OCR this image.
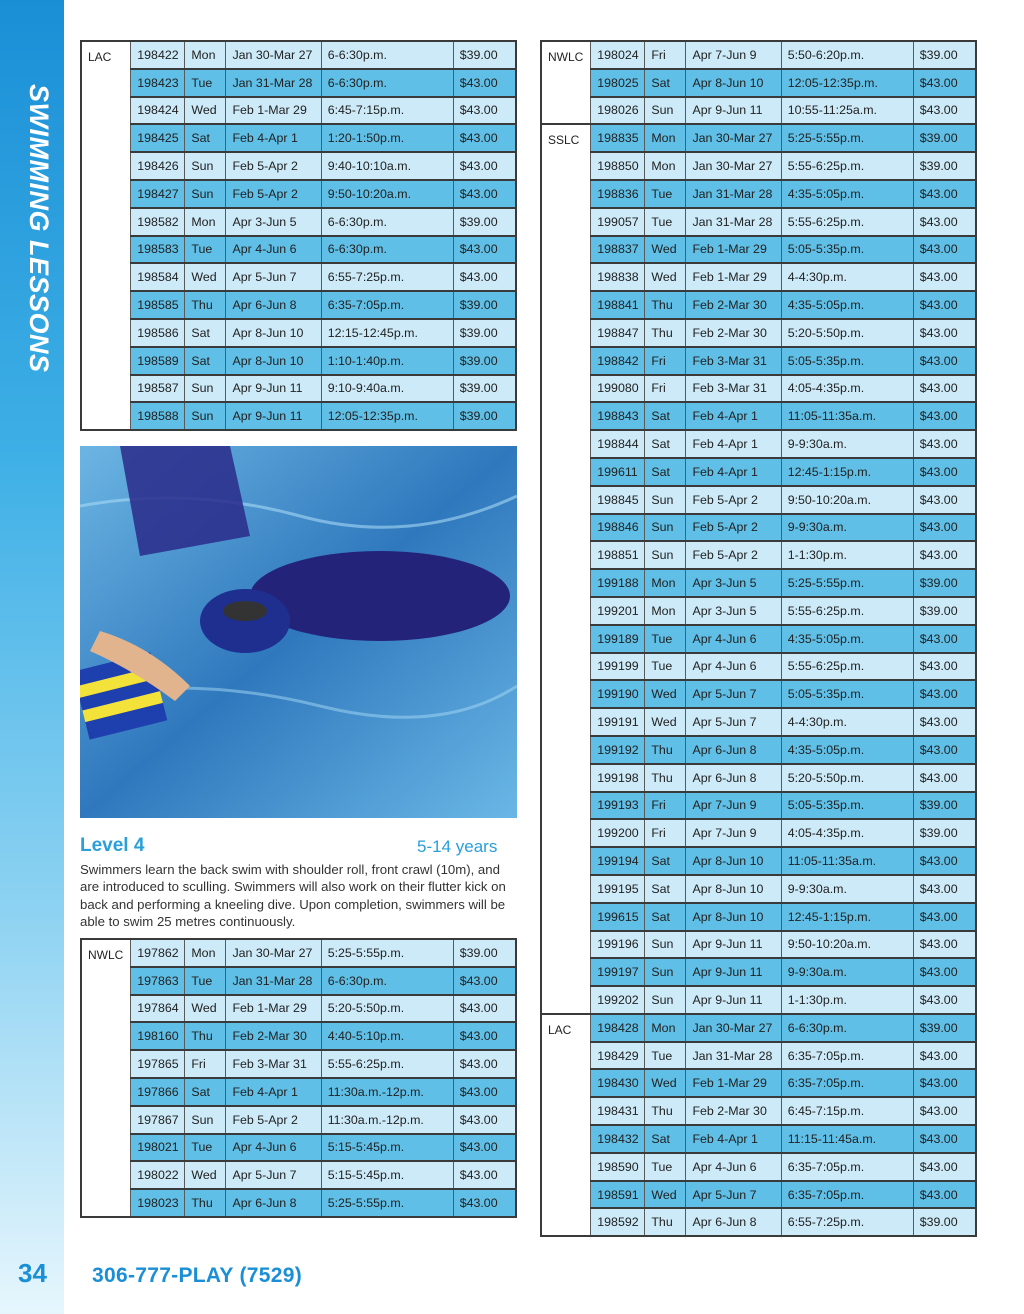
SWIMMING LESSONS
34 306-777-PLAY (7529)
LAC	198422	Mon	Jan 30-Mar 27	6-6:30p.m.	$39.00
	198423	Tue	Jan 31-Mar 28	6-6:30p.m.	$43.00
	198424	Wed	Feb 1-Mar 29	6:45-7:15p.m.	$43.00
	198425	Sat	Feb 4-Apr 1	1:20-1:50p.m.	$43.00
	198426	Sun	Feb 5-Apr 2	9:40-10:10a.m.	$43.00
	198427	Sun	Feb 5-Apr 2	9:50-10:20a.m.	$43.00
	198582	Mon	Apr 3-Jun 5	6-6:30p.m.	$39.00
	198583	Tue	Apr 4-Jun 6	6-6:30p.m.	$43.00
	198584	Wed	Apr 5-Jun 7	6:55-7:25p.m.	$43.00
	198585	Thu	Apr 6-Jun 8	6:35-7:05p.m.	$39.00
	198586	Sat	Apr 8-Jun 10	12:15-12:45p.m.	$39.00
	198589	Sat	Apr 8-Jun 10	1:10-1:40p.m.	$39.00
	198587	Sun	Apr 9-Jun 11	9:10-9:40a.m.	$39.00
	198588	Sun	Apr 9-Jun 11	12:05-12:35p.m.	$39.00
Level 4	5-14 years
Swimmers learn the back swim with shoulder roll, front crawl (10m), and are introduced to sculling. Swimmers will also work on their flutter kick on back and performing a kneeling dive. Upon completion, swimmers will be able to swim 25 metres continuously.
NWLC	197862	Mon	Jan 30-Mar 27	5:25-5:55p.m.	$39.00
	197863	Tue	Jan 31-Mar 28	6-6:30p.m.	$43.00
	197864	Wed	Feb 1-Mar 29	5:20-5:50p.m.	$43.00
	198160	Thu	Feb 2-Mar 30	4:40-5:10p.m.	$43.00
	197865	Fri	Feb 3-Mar 31	5:55-6:25p.m.	$43.00
	197866	Sat	Feb 4-Apr 1	11:30a.m.-12p.m.	$43.00
	197867	Sun	Feb 5-Apr 2	11:30a.m.-12p.m.	$43.00
	198021	Tue	Apr 4-Jun 6	5:15-5:45p.m.	$43.00
	198022	Wed	Apr 5-Jun 7	5:15-5:45p.m.	$43.00
	198023	Thu	Apr 6-Jun 8	5:25-5:55p.m.	$43.00
NWLC	198024	Fri	Apr 7-Jun 9	5:50-6:20p.m.	$39.00
	198025	Sat	Apr 8-Jun 10	12:05-12:35p.m.	$43.00
	198026	Sun	Apr 9-Jun 11	10:55-11:25a.m.	$43.00
SSLC	198835	Mon	Jan 30-Mar 27	5:25-5:55p.m.	$39.00
	198850	Mon	Jan 30-Mar 27	5:55-6:25p.m.	$39.00
	198836	Tue	Jan 31-Mar 28	4:35-5:05p.m.	$43.00
	199057	Tue	Jan 31-Mar 28	5:55-6:25p.m.	$43.00
	198837	Wed	Feb 1-Mar 29	5:05-5:35p.m.	$43.00
	198838	Wed	Feb 1-Mar 29	4-4:30p.m.	$43.00
	198841	Thu	Feb 2-Mar 30	4:35-5:05p.m.	$43.00
	198847	Thu	Feb 2-Mar 30	5:20-5:50p.m.	$43.00
	198842	Fri	Feb 3-Mar 31	5:05-5:35p.m.	$43.00
	199080	Fri	Feb 3-Mar 31	4:05-4:35p.m.	$43.00
	198843	Sat	Feb 4-Apr 1	11:05-11:35a.m.	$43.00
	198844	Sat	Feb 4-Apr 1	9-9:30a.m.	$43.00
	199611	Sat	Feb 4-Apr 1	12:45-1:15p.m.	$43.00
	198845	Sun	Feb 5-Apr 2	9:50-10:20a.m.	$43.00
	198846	Sun	Feb 5-Apr 2	9-9:30a.m.	$43.00
	198851	Sun	Feb 5-Apr 2	1-1:30p.m.	$43.00
	199188	Mon	Apr 3-Jun 5	5:25-5:55p.m.	$39.00
	199201	Mon	Apr 3-Jun 5	5:55-6:25p.m.	$39.00
	199189	Tue	Apr 4-Jun 6	4:35-5:05p.m.	$43.00
	199199	Tue	Apr 4-Jun 6	5:55-6:25p.m.	$43.00
	199190	Wed	Apr 5-Jun 7	5:05-5:35p.m.	$43.00
	199191	Wed	Apr 5-Jun 7	4-4:30p.m.	$43.00
	199192	Thu	Apr 6-Jun 8	4:35-5:05p.m.	$43.00
	199198	Thu	Apr 6-Jun 8	5:20-5:50p.m.	$43.00
	199193	Fri	Apr 7-Jun 9	5:05-5:35p.m.	$39.00
	199200	Fri	Apr 7-Jun 9	4:05-4:35p.m.	$39.00
	199194	Sat	Apr 8-Jun 10	11:05-11:35a.m.	$43.00
	199195	Sat	Apr 8-Jun 10	9-9:30a.m.	$43.00
	199615	Sat	Apr 8-Jun 10	12:45-1:15p.m.	$43.00
	199196	Sun	Apr 9-Jun 11	9:50-10:20a.m.	$43.00
	199197	Sun	Apr 9-Jun 11	9-9:30a.m.	$43.00
	199202	Sun	Apr 9-Jun 11	1-1:30p.m.	$43.00
LAC	198428	Mon	Jan 30-Mar 27	6-6:30p.m.	$39.00
	198429	Tue	Jan 31-Mar 28	6:35-7:05p.m.	$43.00
	198430	Wed	Feb 1-Mar 29	6:35-7:05p.m.	$43.00
	198431	Thu	Feb 2-Mar 30	6:45-7:15p.m.	$43.00
	198432	Sat	Feb 4-Apr 1	11:15-11:45a.m.	$43.00
	198590	Tue	Apr 4-Jun 6	6:35-7:05p.m.	$43.00
	198591	Wed	Apr 5-Jun 7	6:35-7:05p.m.	$43.00
	198592	Thu	Apr 6-Jun 8	6:55-7:25p.m.	$39.00
